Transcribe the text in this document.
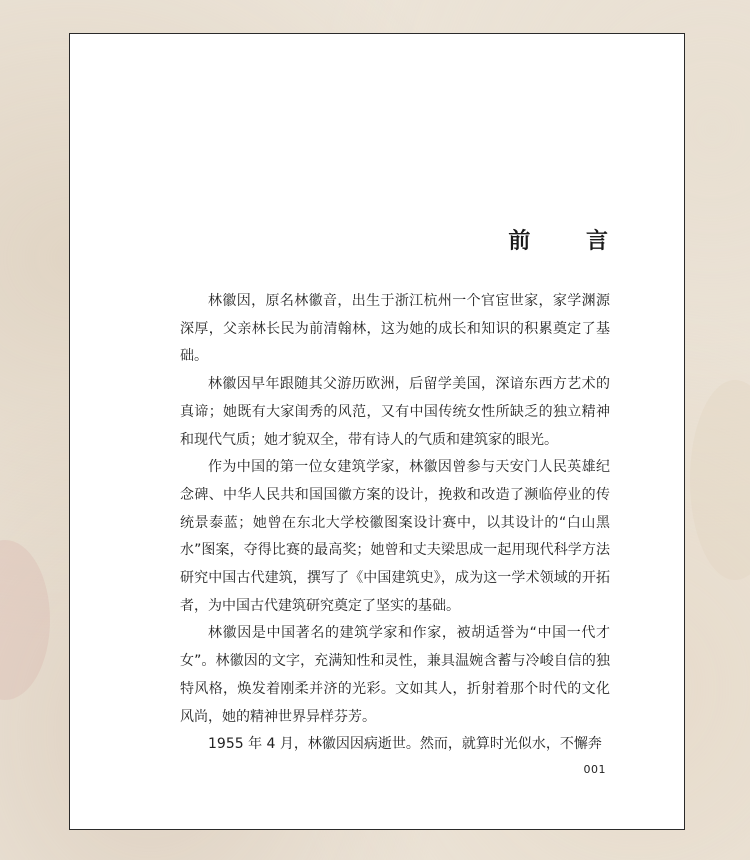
前 言

林徽因，原名林徽音，出生于浙江杭州一个官宦世家，家学渊源深厚，父亲林长民为前清翰林，这为她的成长和知识的积累奠定了基础。

林徽因早年跟随其父游历欧洲，后留学美国，深谙东西方艺术的真谛；她既有大家闺秀的风范，又有中国传统女性所缺乏的独立精神和现代气质；她才貌双全，带有诗人的气质和建筑家的眼光。

作为中国的第一位女建筑学家，林徽因曾参与天安门人民英雄纪念碑、中华人民共和国国徽方案的设计，挽救和改造了濒临停业的传统景泰蓝；她曾在东北大学校徽图案设计赛中，以其设计的“白山黑水”图案，夺得比赛的最高奖；她曾和丈夫梁思成一起用现代科学方法研究中国古代建筑，撰写了《中国建筑史》，成为这一学术领域的开拓者，为中国古代建筑研究奠定了坚实的基础。

林徽因是中国著名的建筑学家和作家，被胡适誉为“中国一代才女”。林徽因的文字，充满知性和灵性，兼具温婉含蓄与冷峻自信的独特风格，焕发着刚柔并济的光彩。文如其人，折射着那个时代的文化风尚，她的精神世界异样芬芳。

1955 年 4 月，林徽因因病逝世。然而，就算时光似水，不懈奔

001
